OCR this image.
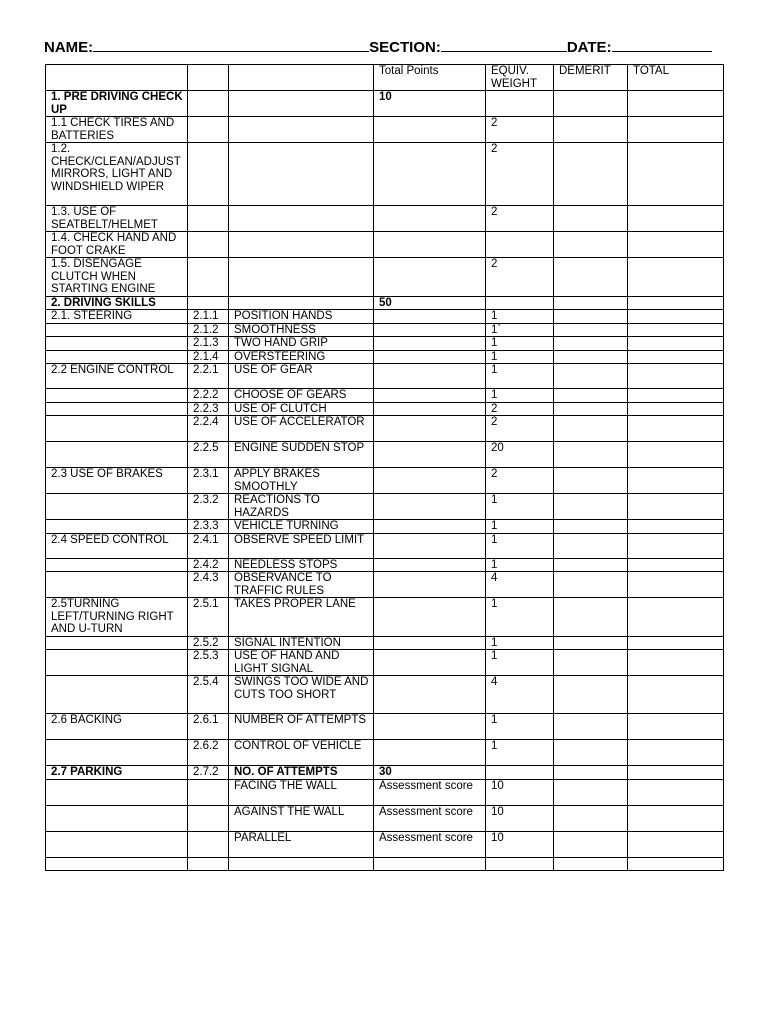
NAME:	SECTION:	DATE:
			Total Points	EQUIV. WEIGHT	DEMERIT	TOTAL
1. PRE DRIVING CHECK UP			10			
1.1 CHECK TIRES AND BATTERIES				2		
1.2. CHECK/CLEAN/ADJUST MIRRORS, LIGHT AND WINDSHIELD WIPER				2		
1.3. USE OF SEATBELT/HELMET				2		
1.4. CHECK HAND AND FOOT CRAKE						
1.5. DISENGAGE CLUTCH WHEN STARTING ENGINE				2		
2. DRIVING SKILLS			50			
2.1. STEERING	2.1.1	POSITION HANDS		1		
	2.1.2	SMOOTHNESS		1`		
	2.1.3	TWO HAND GRIP		1		
	2.1.4	OVERSTEERING		1		
2.2 ENGINE CONTROL	2.2.1	USE OF GEAR		1		
	2.2.2	CHOOSE OF GEARS		1		
	2.2.3	USE OF CLUTCH		2		
	2.2.4	USE OF ACCELERATOR		2		
	2.2.5	ENGINE SUDDEN STOP		20		
2.3 USE OF BRAKES	2.3.1	APPLY BRAKES SMOOTHLY		2		
	2.3.2	REACTIONS TO HAZARDS		1		
	2.3.3	VEHICLE TURNING		1		
2.4 SPEED CONTROL	2.4.1	OBSERVE SPEED LIMIT		1		
	2.4.2	NEEDLESS STOPS		1		
	2.4.3	OBSERVANCE TO TRAFFIC RULES		4		
2.5TURNING LEFT/TURNING RIGHT AND U-TURN	2.5.1	TAKES PROPER LANE		1		
	2.5.2	SIGNAL INTENTION		1		
	2.5.3	USE OF HAND AND LIGHT SIGNAL		1		
	2.5.4	SWINGS TOO WIDE AND CUTS TOO SHORT		4		
2.6 BACKING	2.6.1	NUMBER OF ATTEMPTS		1		
	2.6.2	CONTROL OF VEHICLE		1		
2.7 PARKING	2.7.2	NO. OF ATTEMPTS	30			
		FACING THE WALL	Assessment score	10		
		AGAINST THE WALL	Assessment score	10		
		PARALLEL	Assessment score	10		
